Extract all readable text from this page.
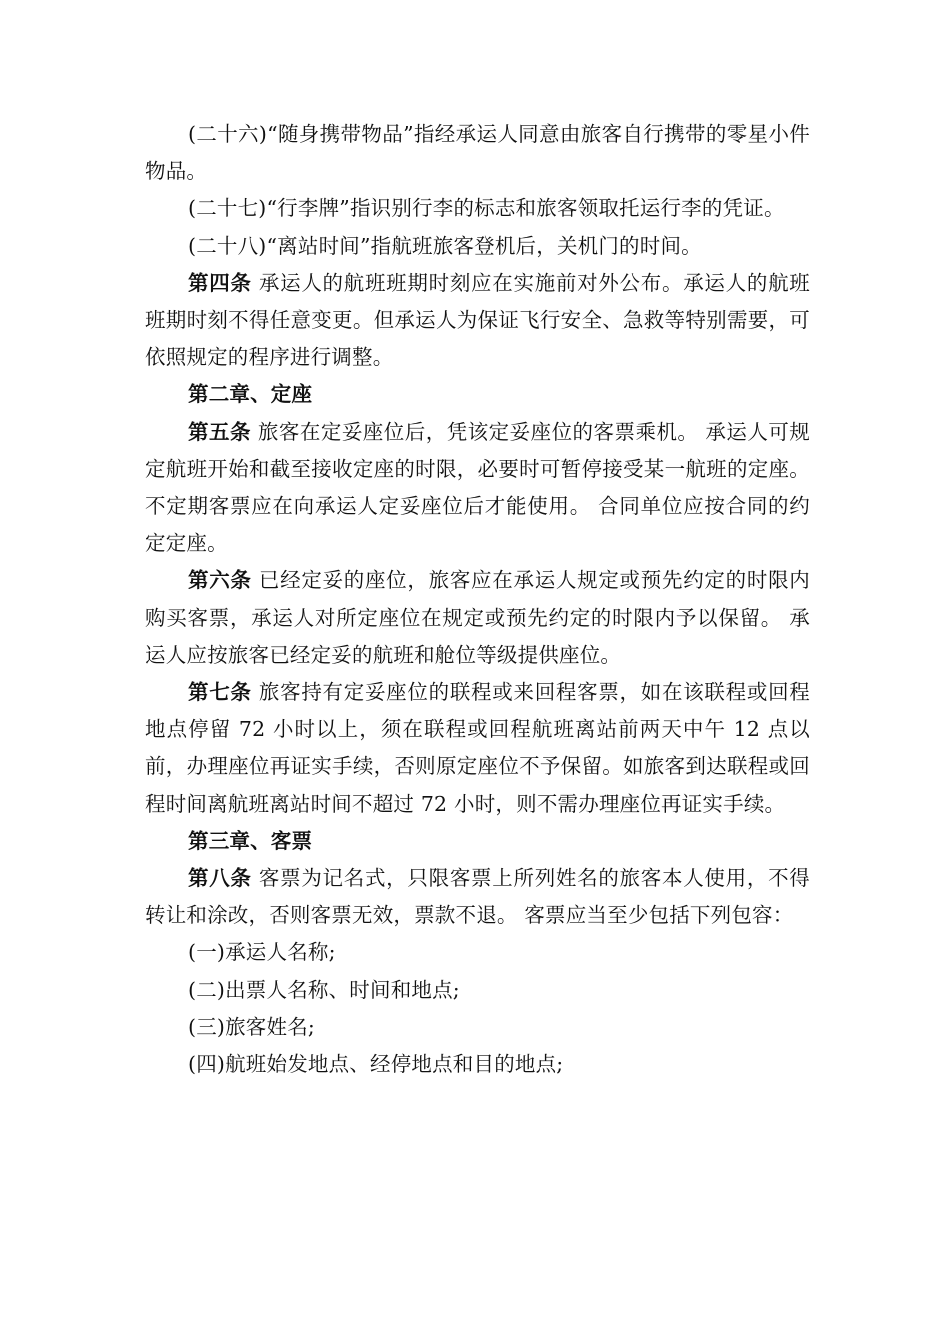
(二十六)“随身携带物品”指经承运人同意由旅客自行携带的零星小件物品。

(二十七)“行李牌”指识别行李的标志和旅客领取托运行李的凭证。

(二十八)“离站时间”指航班旅客登机后，关机门的时间。

第四条 承运人的航班班期时刻应在实施前对外公布。承运人的航班班期时刻不得任意变更。但承运人为保证飞行安全、急救等特别需要，可依照规定的程序进行调整。

第二章、定座

第五条 旅客在定妥座位后，凭该定妥座位的客票乘机。 承运人可规定航班开始和截至接收定座的时限，必要时可暂停接受某一航班的定座。 不定期客票应在向承运人定妥座位后才能使用。 合同单位应按合同的约定定座。

第六条 已经定妥的座位，旅客应在承运人规定或预先约定的时限内购买客票，承运人对所定座位在规定或预先约定的时限内予以保留。 承运人应按旅客已经定妥的航班和舱位等级提供座位。

第七条 旅客持有定妥座位的联程或来回程客票，如在该联程或回程地点停留 72 小时以上，须在联程或回程航班离站前两天中午 12 点以前，办理座位再证实手续，否则原定座位不予保留。如旅客到达联程或回程时间离航班离站时间不超过 72 小时，则不需办理座位再证实手续。

第三章、客票

第八条 客票为记名式，只限客票上所列姓名的旅客本人使用，不得转让和涂改，否则客票无效，票款不退。 客票应当至少包括下列包容：

(一)承运人名称;

(二)出票人名称、时间和地点;

(三)旅客姓名;

(四)航班始发地点、经停地点和目的地点;
